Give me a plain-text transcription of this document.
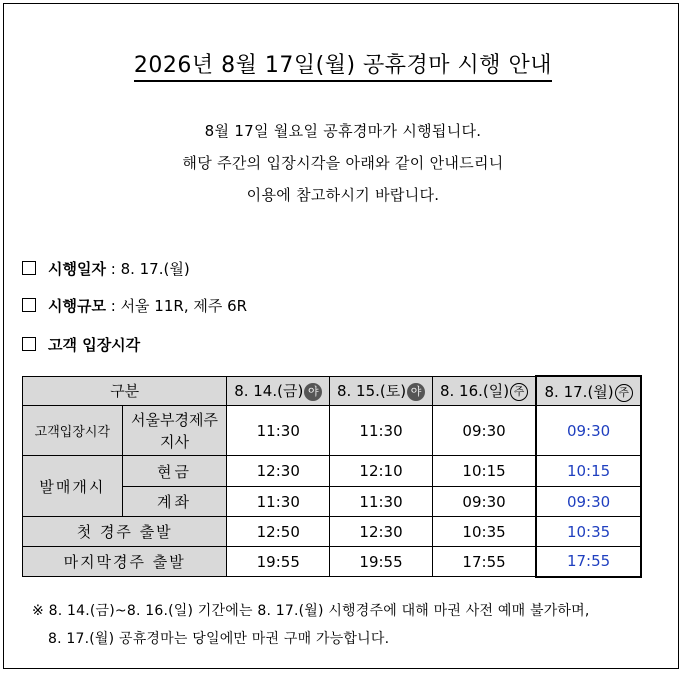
2026년 8월 17일(월) 공휴경마 시행 안내
8월 17일 월요일 공휴경마가 시행됩니다.
해당 주간의 입장시각을 아래와 같이 안내드리니
이용에 참고하시기 바랍니다.
시행일자 : 8. 17.(월)
시행규모 : 서울 11R, 제주 6R
고객 입장시각
구분		8. 14.(금) 야	8. 15.(토) 야	8. 16.(일) 주	8. 17.(월) 주
고객입장시각	서울부경제주 지사	11:30	11:30	09:30	09:30
발매개시	현금	12:30	12:10	10:15	10:15
	계좌	11:30	11:30	09:30	09:30
첫 경주 출발		12:50	12:30	10:35	10:35
마지막경주 출발		19:55	19:55	17:55	17:55
※ 8. 14.(금)~8. 16.(일) 기간에는 8. 17.(월) 시행경주에 대해 마권 사전 예매 불가하며,
8. 17.(월) 공휴경마는 당일에만 마권 구매 가능합니다.
